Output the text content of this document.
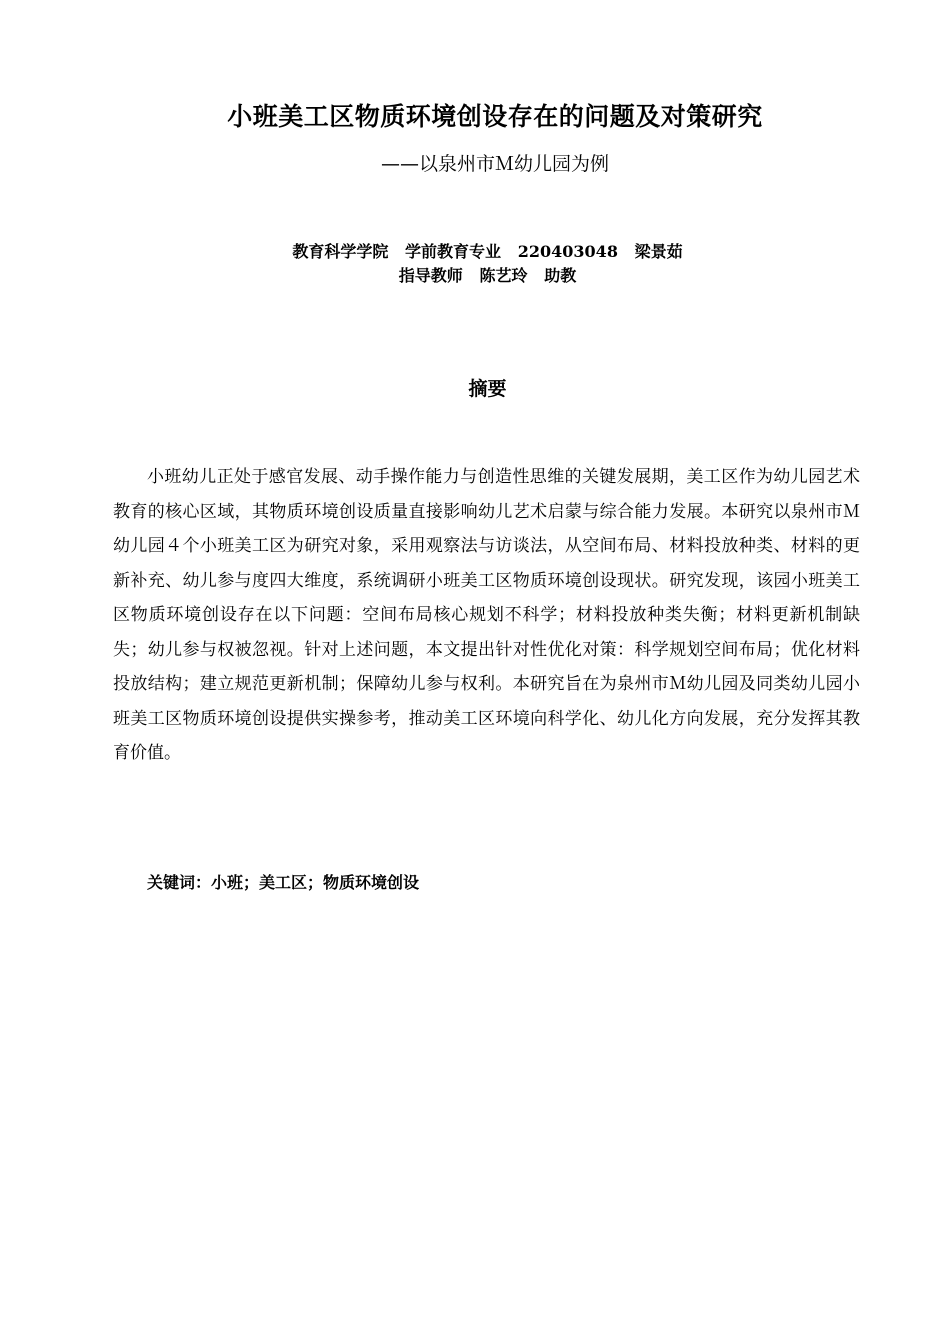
小班美工区物质环境创设存在的问题及对策研究
——以泉州市Ｍ幼儿园为例
教育科学学院   学前教育专业   220403048   梁景茹
指导教师   陈艺玲   助教
摘要

小班幼儿正处于感官发展、动手操作能力与创造性思维的关键发展期，美工区作为幼儿园艺术教育的核心区域，其物质环境创设质量直接影响幼儿艺术启蒙与综合能力发展。本研究以泉州市Ｍ幼儿园４个小班美工区为研究对象，采用观察法与访谈法，从空间布局、材料投放种类、材料的更新补充、幼儿参与度四大维度，系统调研小班美工区物质环境创设现状。研究发现，该园小班美工区物质环境创设存在以下问题：空间布局核心规划不科学；材料投放种类失衡；材料更新机制缺失；幼儿参与权被忽视。针对上述问题，本文提出针对性优化对策：科学规划空间布局；优化材料投放结构；建立规范更新机制；保障幼儿参与权利。本研究旨在为泉州市Ｍ幼儿园及同类幼儿园小班美工区物质环境创设提供实操参考，推动美工区环境向科学化、幼儿化方向发展，充分发挥其教育价值。

关键词：小班；美工区；物质环境创设
